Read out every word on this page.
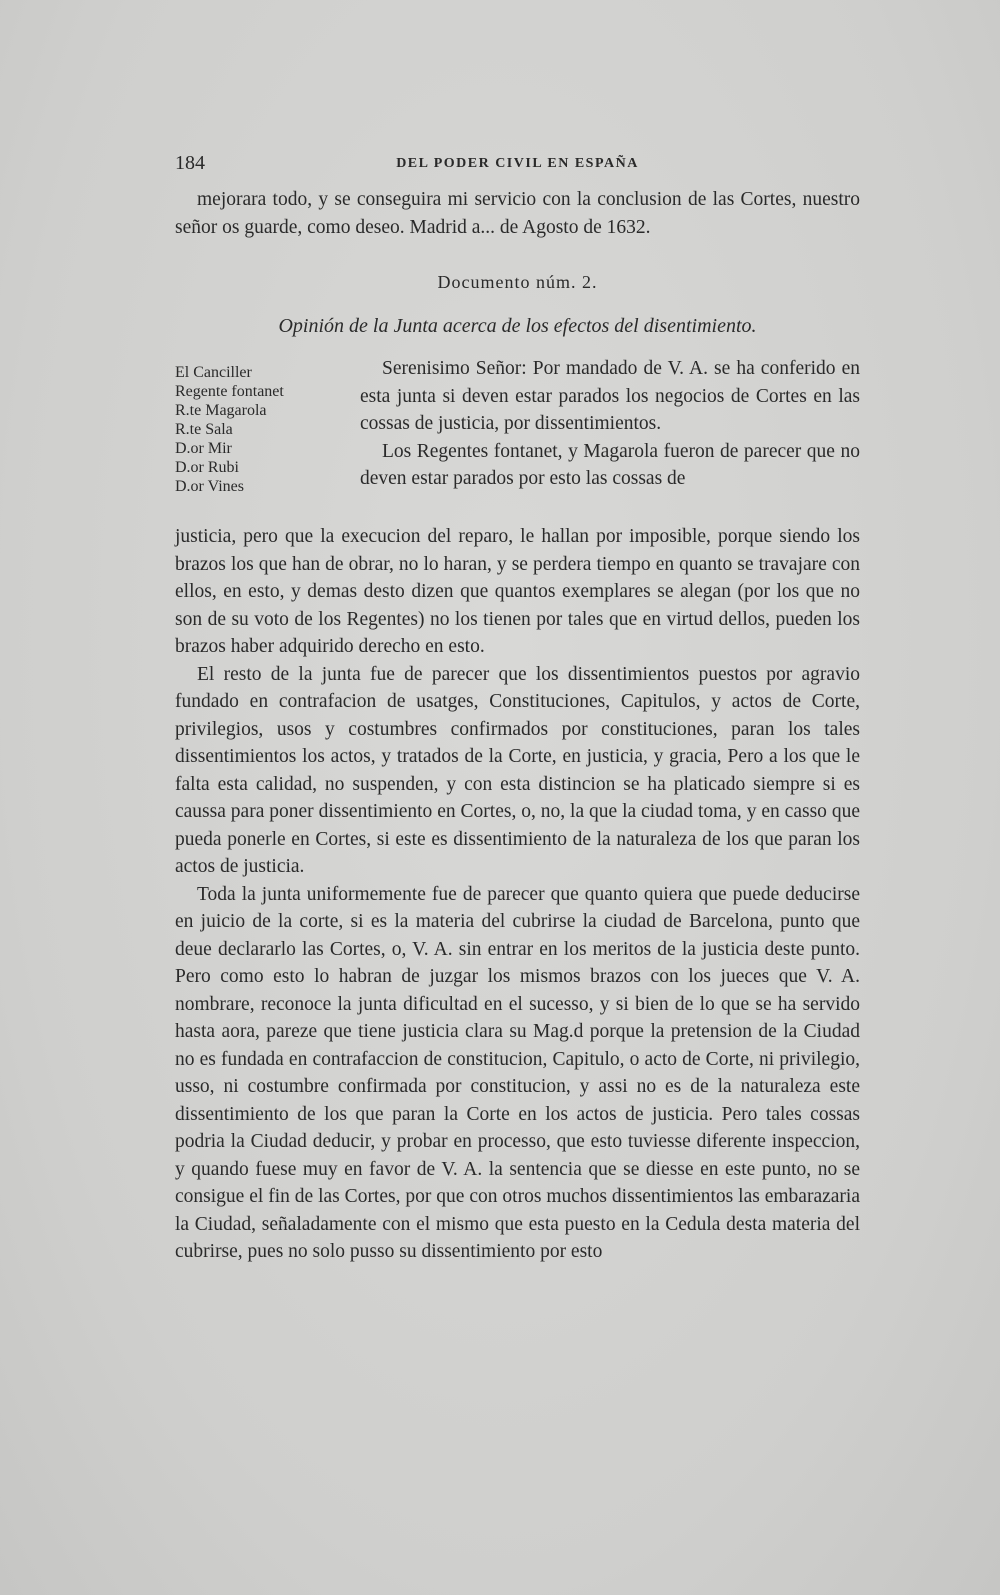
184	DEL PODER CIVIL EN ESPAÑA

mejorara todo, y se conseguira mi servicio con la conclusion de las Cortes, nuestro señor os guarde, como deseo. Madrid a... de Agosto de 1632.

Documento núm. 2.
Opinión de la Junta acerca de los efectos del disentimiento.
El Canciller
Regente fontanet
R.te Magarola
R.te Sala
D.or Mir
D.or Rubi
D.or Vines

Serenisimo Señor: Por mandado de V. A. se ha conferido en esta junta si deven estar parados los negocios de Cortes en las cossas de justicia, por dissentimientos.

Los Regentes fontanet, y Magarola fueron de parecer que no deven estar parados por esto las cossas de

justicia, pero que la execucion del reparo, le hallan por imposible, porque siendo los brazos los que han de obrar, no lo haran, y se perdera tiempo en quanto se travajare con ellos, en esto, y demas desto dizen que quantos exemplares se alegan (por los que no son de su voto de los Regentes) no los tienen por tales que en virtud dellos, pueden los brazos haber adquirido derecho en esto.

El resto de la junta fue de parecer que los dissentimientos puestos por agravio fundado en contrafacion de usatges, Constituciones, Capitulos, y actos de Corte, privilegios, usos y costumbres confirmados por constituciones, paran los tales dissentimientos los actos, y tratados de la Corte, en justicia, y gracia, Pero a los que le falta esta calidad, no suspenden, y con esta distincion se ha platicado siempre si es caussa para poner dissentimiento en Cortes, o, no, la que la ciudad toma, y en casso que pueda ponerle en Cortes, si este es dissentimiento de la naturaleza de los que paran los actos de justicia.

Toda la junta uniformemente fue de parecer que quanto quiera que puede deducirse en juicio de la corte, si es la materia del cubrirse la ciudad de Barcelona, punto que deue declararlo las Cortes, o, V. A. sin entrar en los meritos de la justicia deste punto. Pero como esto lo habran de juzgar los mismos brazos con los jueces que V. A. nombrare, reconoce la junta dificultad en el sucesso, y si bien de lo que se ha servido hasta aora, pareze que tiene justicia clara su Mag.d porque la pretension de la Ciudad no es fundada en contrafaccion de constitucion, Capitulo, o acto de Corte, ni privilegio, usso, ni costumbre confirmada por constitucion, y assi no es de la naturaleza este dissentimiento de los que paran la Corte en los actos de justicia. Pero tales cossas podria la Ciudad deducir, y probar en processo, que esto tuviesse diferente inspeccion, y quando fuese muy en favor de V. A. la sentencia que se diesse en este punto, no se consigue el fin de las Cortes, por que con otros muchos dissentimientos las embarazaria la Ciudad, señaladamente con el mismo que esta puesto en la Cedula desta materia del cubrirse, pues no solo pusso su dissentimiento por esto
